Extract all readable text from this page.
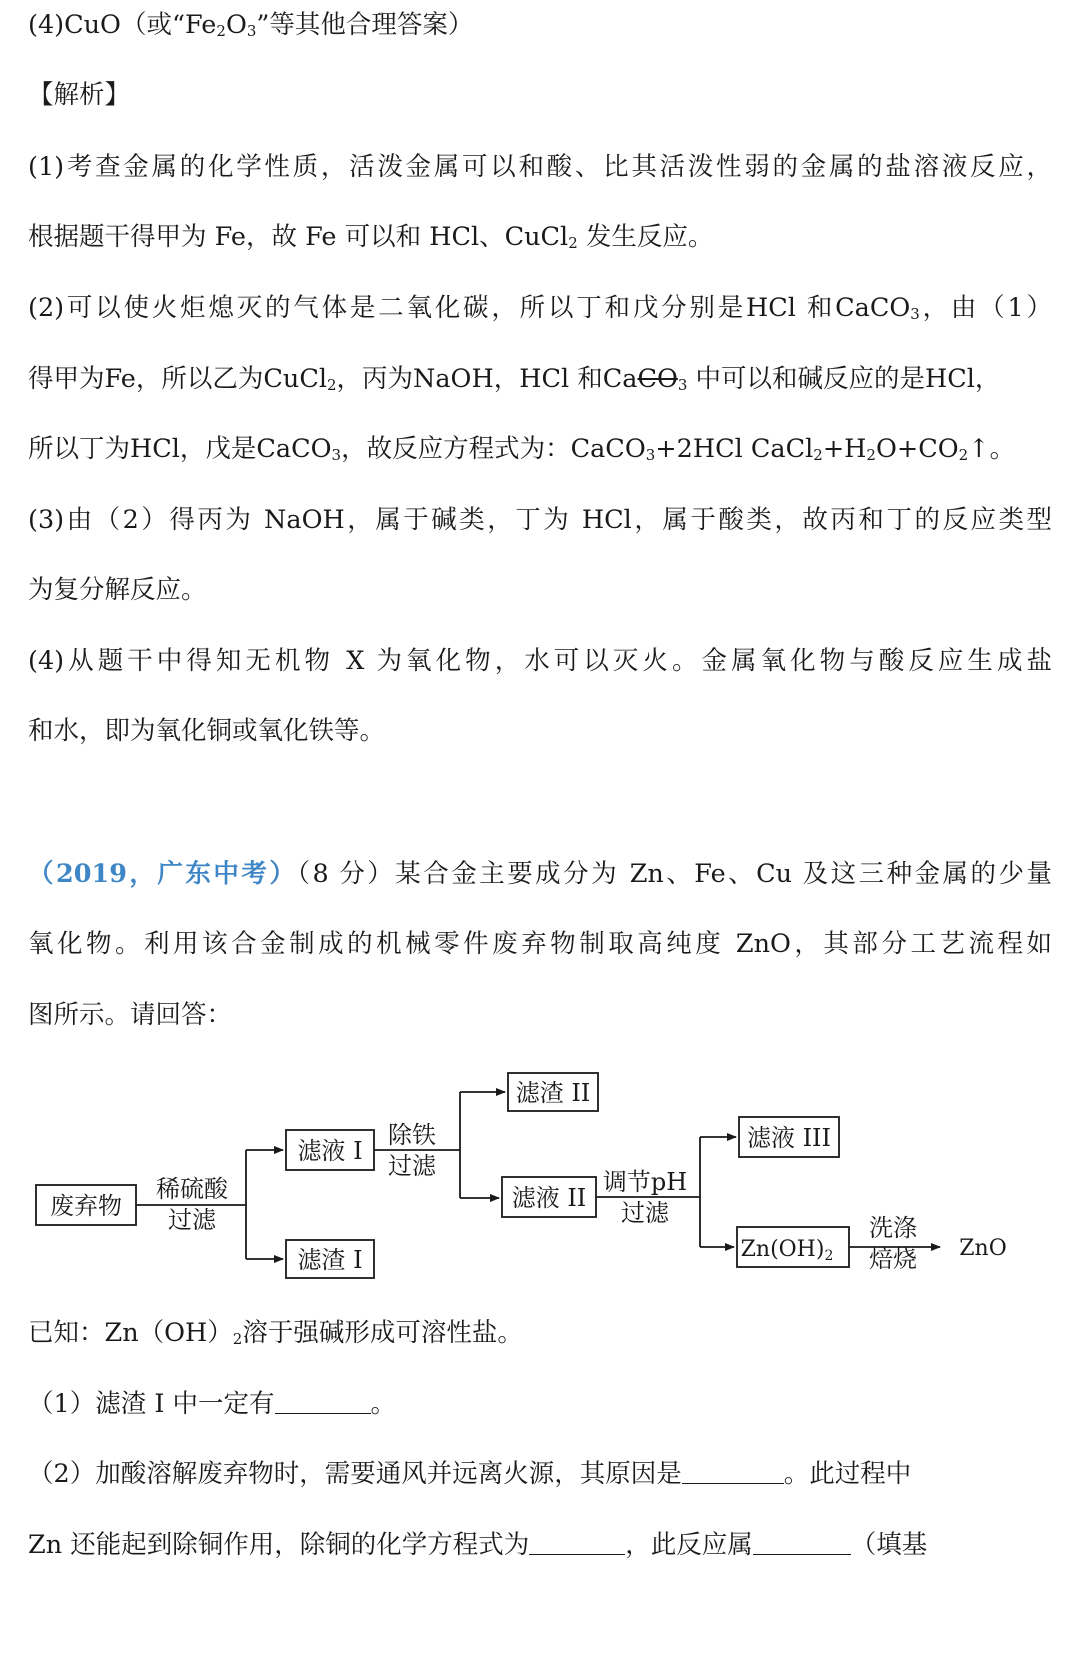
(4)CuO（或“$Fe_2O_3$”等其他合理答案）
【解析】
(1)考查金属的化学性质，活泼金属可以和酸、比其活泼性弱的金属的盐溶液反应，
根据题干得甲为 Fe，故 Fe 可以和 HCl、CuCl$_2$ 发生反应。
(2)可以使火炬熄灭的气体是二氧化碳，所以丁和戊分别是HCl 和CaCO$_3$，由（1）
得甲为Fe，所以乙为CuCl$_2$，丙为NaOH，HCl 和CaCO$_3$ 中可以和碱反应的是HCl，
所以丁为HCl，戊是CaCO$_3$，故反应方程式为：CaCO$_3$+2HCl $CaCl_2+H_2O+CO_2↑$。
(3)由（2）得丙为 NaOH，属于碱类，丁为 HCl，属于酸类，故丙和丁的反应类型
为复分解反应。
(4)从题干中得知无机物 X 为氧化物，水可以灭火。金属氧化物与酸反应生成盐
和水，即为氧化铜或氧化铁等。
（2019，广东中考）（8 分）某合金主要成分为 Zn、Fe、Cu 及这三种金属的少量
氧化物。利用该合金制成的机械零件废弃物制取高纯度 ZnO，其部分工艺流程如
图所示。请回答：
废弃物
稀硫酸
过滤
滤液 I
滤渣 I
除铁
过滤
滤渣 II
滤液 II
调节pH
过滤
滤液 III
Zn(OH)2
洗涤
焙烧 ZnO
已知：$Zn(OH)_2$溶于强碱形成可溶性盐。
（1）滤渣 I 中一定有	。
（2）加酸溶解废弃物时，需要通风并远离火源，其原因是	。此过程中
Zn 还能起到除铜作用，除铜的化学方程式为	，此反应属	（填基
